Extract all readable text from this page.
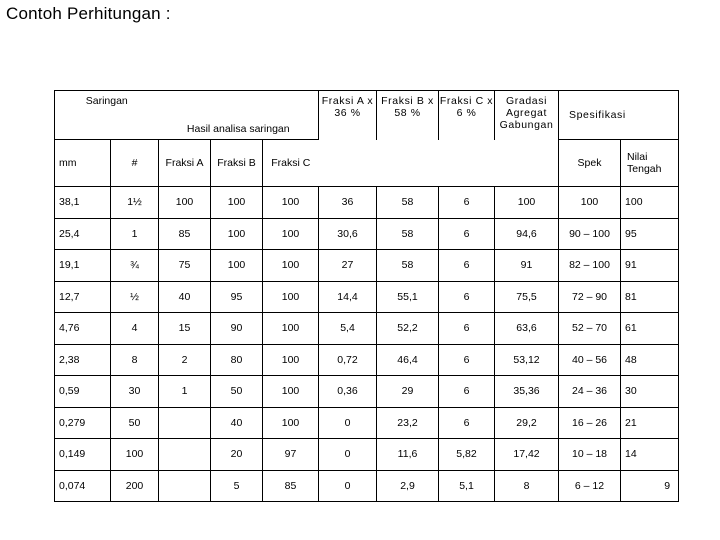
Contoh Perhitungan :
Saringan		Hasil analisa saringan			Fraksi A x 36 %	Fraksi B x 58 %	Fraksi C x 6 %	Gradasi Agregat Gabungan	Spesifikasi	
mm	#	Fraksi A	Fraksi B	Fraksi C					Spek	Nilai Tengah
38,1	1½	100	100	100	36	58	6	100	100	100
25,4	1	85	100	100	30,6	58	6	94,6	90 – 100	95
19,1	¾	75	100	100	27	58	6	91	82 – 100	91
12,7	½	40	95	100	14,4	55,1	6	75,5	72 – 90	81
4,76	4	15	90	100	5,4	52,2	6	63,6	52 – 70	61
2,38	8	2	80	100	0,72	46,4	6	53,12	40 – 56	48
0,59	30	1	50	100	0,36	29	6	35,36	24 – 36	30
0,279	50		40	100	0	23,2	6	29,2	16 – 26	21
0,149	100		20	97	0	11,6	5,82	17,42	10 – 18	14
0,074	200		5	85	0	2,9	5,1	8	6 – 12	9
